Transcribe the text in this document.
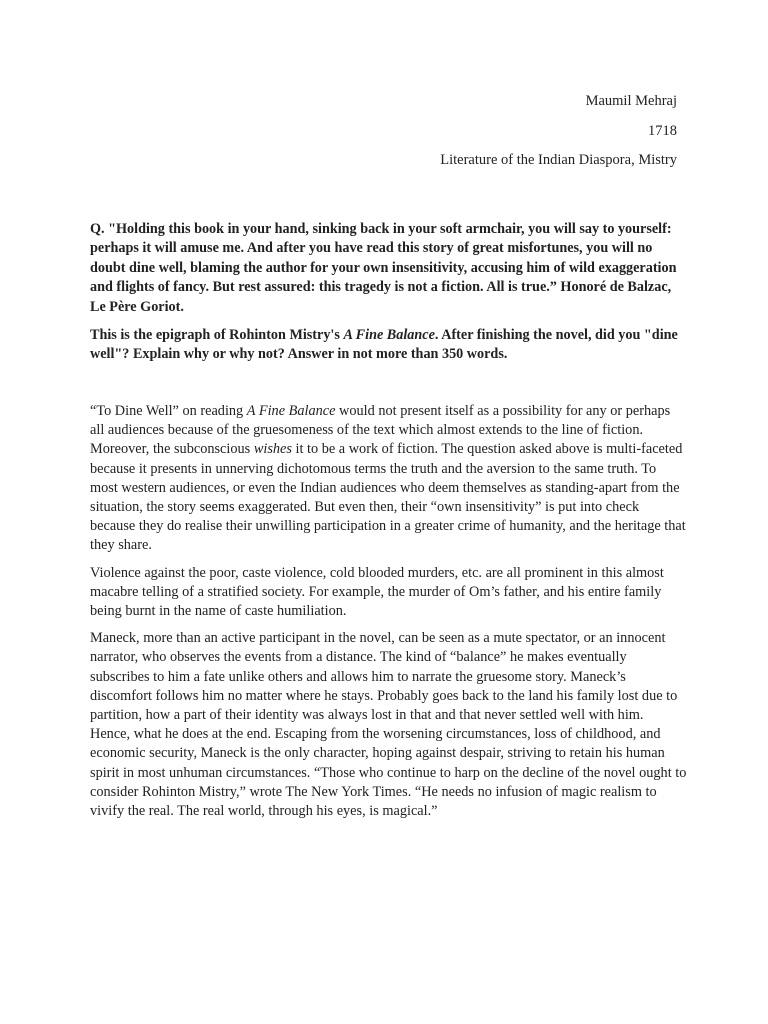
Maumil Mehraj
1718
Literature of the Indian Diaspora, Mistry

Q. "Holding this book in your hand, sinking back in your soft armchair, you will say to yourself: perhaps it will amuse me. And after you have read this story of great misfortunes, you will no doubt dine well, blaming the author for your own insensitivity, accusing him of wild exaggeration and flights of fancy. But rest assured: this tragedy is not a fiction. All is true.” Honoré de Balzac, Le Père Goriot.

This is the epigraph of Rohinton Mistry's A Fine Balance. After finishing the novel, did you "dine well"? Explain why or why not? Answer in not more than 350 words.

“To Dine Well” on reading A Fine Balance would not present itself as a possibility for any or perhaps all audiences because of the gruesomeness of the text which almost extends to the line of fiction. Moreover, the subconscious wishes it to be a work of fiction. The question asked above is multi-faceted because it presents in unnerving dichotomous terms the truth and the aversion to the same truth. To most western audiences, or even the Indian audiences who deem themselves as standing-apart from the situation, the story seems exaggerated. But even then, their “own insensitivity” is put into check because they do realise their unwilling participation in a greater crime of humanity, and the heritage that they share.

Violence against the poor, caste violence, cold blooded murders, etc. are all prominent in this almost macabre telling of a stratified society. For example, the murder of Om’s father, and his entire family being burnt in the name of caste humiliation.

Maneck, more than an active participant in the novel, can be seen as a mute spectator, or an innocent narrator, who observes the events from a distance. The kind of “balance” he makes eventually subscribes to him a fate unlike others and allows him to narrate the gruesome story. Maneck’s discomfort follows him no matter where he stays. Probably goes back to the land his family lost due to partition, how a part of their identity was always lost in that and that never settled well with him. Hence, what he does at the end. Escaping from the worsening circumstances, loss of childhood, and economic security, Maneck is the only character, hoping against despair, striving to retain his human spirit in most unhuman circumstances. “Those who continue to harp on the decline of the novel ought to consider Rohinton Mistry,” wrote The New York Times. “He needs no infusion of magic realism to vivify the real. The real world, through his eyes, is magical.”
